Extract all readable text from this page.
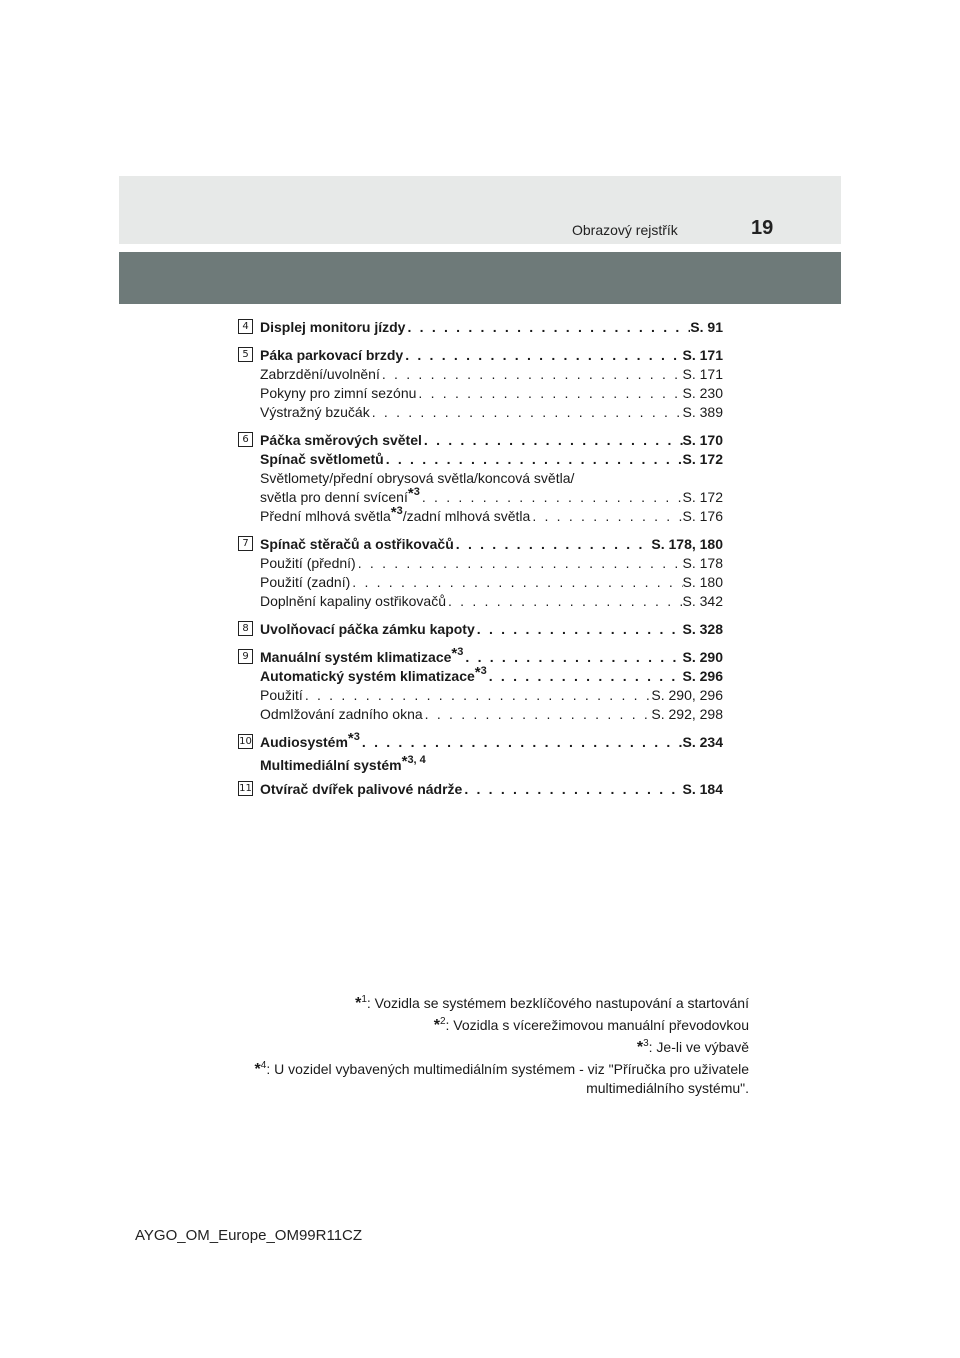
Obrazový rejstřík	19
4 Displej monitoru jízdy . . .	S. 91
5 Páka parkovací brzdy . . .	S. 171
Zabrzdění/uvolnění . . .	S. 171
Pokyny pro zimní sezónu . . .	S. 230
Výstražný bzučák . . .	S. 389
6 Páčka směrových světel . . .	S. 170
Spínač světlometů . . .	S. 172
Světlomety/přední obrysová světla/koncová světla/
světla pro denní svícení$^{*3}$ . . .	S. 172
Přední mlhová světla$^{*3}$/zadní mlhová světla . . .	S. 176
7 Spínač stěračů a ostřikovačů . . .	S. 178, 180
Použití (přední) . . .	S. 178
Použití (zadní) . . .	S. 180
Doplnění kapaliny ostřikovačů . . .	S. 342
8 Uvolňovací páčka zámku kapoty . . .	S. 328
9 Manuální systém klimatizace$^{*3}$ . . .	S. 290
Automatický systém klimatizace$^{*3}$ . . .	S. 296
Použití . . .	S. 290, 296
Odmlžování zadního okna . . .	S. 292, 298
10 Audiosystém$^{*3}$ . . .	S. 234
Multimediální systém$^{*3, 4}$
11 Otvírač dvířek palivové nádrže . . .	S. 184
*$^1$: Vozidla se systémem bezklíčového nastupování a startování
*$^2$: Vozidla s vícerežimovou manuální převodovkou
*$^3$: Je-li ve výbavě
*$^4$: U vozidel vybavených multimediálním systémem - viz "Příručka pro uživatele
multimediálního systému".
AYGO_OM_Europe_OM99R11CZ
